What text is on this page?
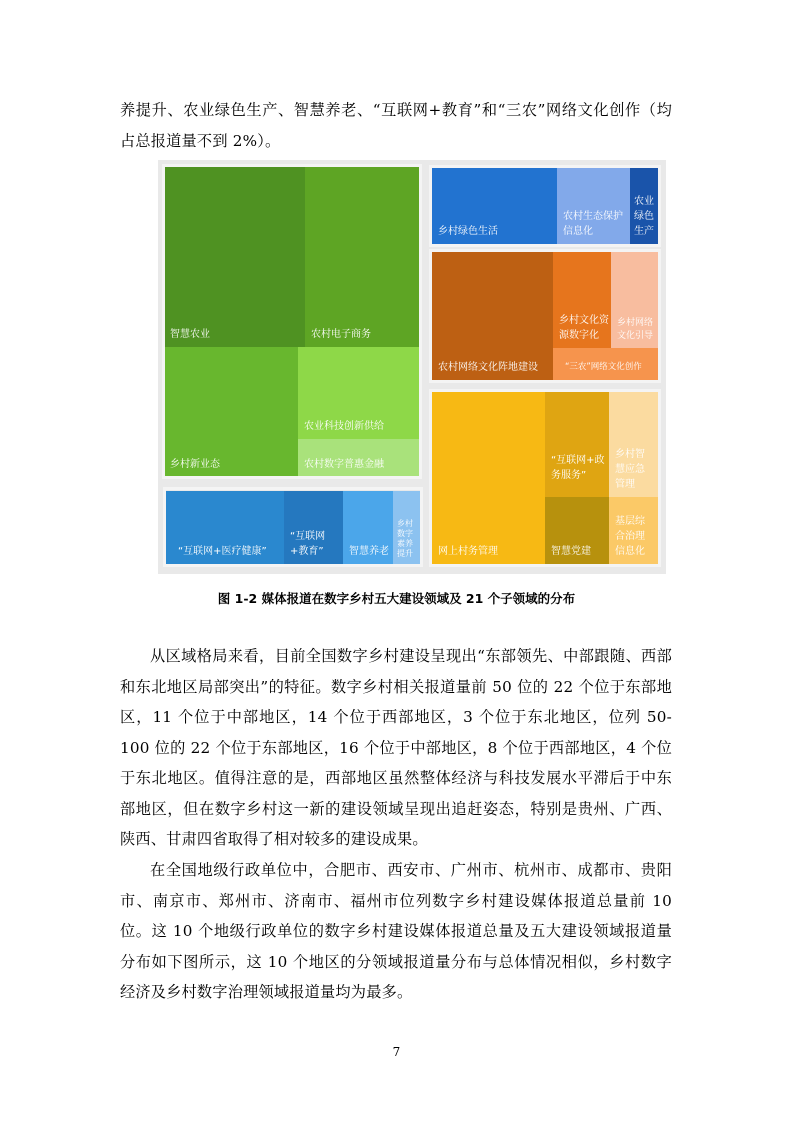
养提升、农业绿色生产、智慧养老、“互联网+教育”和“三农”网络文化创作（均占总报道量不到 2%）。

智慧农业	农村电子商务
乡村新业态
农业科技创新供给
农村数字普惠金融
“互联网+医疗健康”
“互联网+教育”	智慧养老
乡村数字素养提升
乡村绿色生活
农村生态保护信息化
农业绿色生产
农村网络文化阵地建设
乡村文化资源数字化
乡村网络文化引导
“三农”网络文化创作
网上村务管理
“互联网+政务服务”
乡村智慧应急管理
智慧党建
基层综合治理信息化
图 1-2 媒体报道在数字乡村五大建设领域及 21 个子领域的分布

从区域格局来看，目前全国数字乡村建设呈现出“东部领先、中部跟随、西部和东北地区局部突出”的特征。数字乡村相关报道量前 50 位的 22 个位于东部地区，11 个位于中部地区，14 个位于西部地区，3 个位于东北地区，位列 50-100 位的 22 个位于东部地区，16 个位于中部地区，8 个位于西部地区，4 个位于东北地区。值得注意的是，西部地区虽然整体经济与科技发展水平滞后于中东部地区，但在数字乡村这一新的建设领域呈现出追赶姿态，特别是贵州、广西、陕西、甘肃四省取得了相对较多的建设成果。

在全国地级行政单位中，合肥市、西安市、广州市、杭州市、成都市、贵阳市、南京市、郑州市、济南市、福州市位列数字乡村建设媒体报道总量前 10 位。这 10 个地级行政单位的数字乡村建设媒体报道总量及五大建设领域报道量分布如下图所示，这 10 个地区的分领域报道量分布与总体情况相似，乡村数字经济及乡村数字治理领域报道量均为最多。

7
